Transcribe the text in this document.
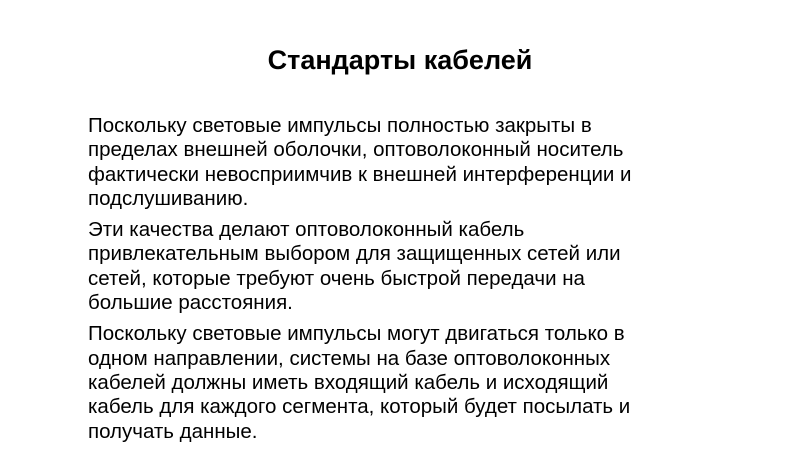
Стандарты кабелей

Поскольку световые импульсы полностью закрыты в
пределах внешней оболочки, оптоволоконный носитель
фактически невосприимчив к внешней интерференции и
подслушиванию.

Эти качества делают оптоволоконный кабель
привлекательным выбором для защищенных сетей или
сетей, которые требуют очень быстрой передачи на
большие расстояния.

Поскольку световые импульсы могут двигаться только в
одном направлении, системы на базе оптоволоконных
кабелей должны иметь входящий кабель и исходящий
кабель для каждого сегмента, который будет посылать и
получать данные.
